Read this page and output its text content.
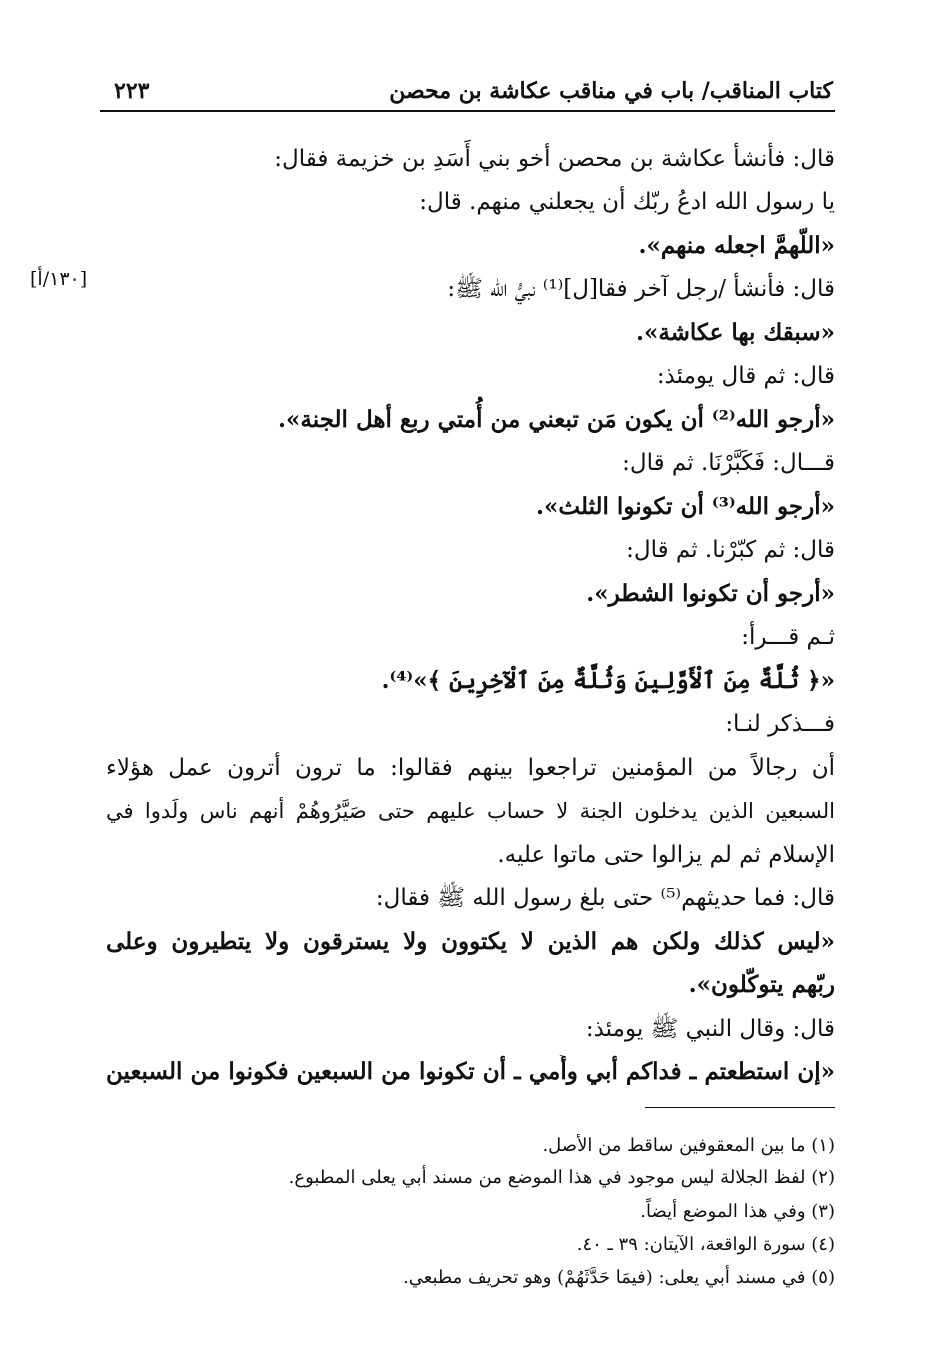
كتاب المناقب/ باب في مناقب عكاشة بن محصن
٢٢٣
[١٣٠/أ]
قال: فأنشأ عكاشة بن محصن أخو بني أَسَدِ بن خزيمة فقال:
يا رسول الله ادعُ ربّك أن يجعلني منهم. قال:
«اللّهمَّ اجعله منهم».
قال: فأنشأ /رجل آخر فقا[ل]⁽¹⁾ نبيُّ الله ﷺ:
«سبقك بها عكاشة».
قال: ثم قال يومئذ:
«أرجو الله⁽²⁾ أن يكون مَن تبعني من أُمتي ربع أهل الجنة».
قـــال: فَكَبَّرْنَا. ثم قال:
«أرجو الله⁽³⁾ أن تكونوا الثلث».
قال: ثم كبّرْنا. ثم قال:
«أرجو أن تكونوا الشطر».
ثـم قـــرأ:
«﴿ ثُلَّةٌ مِنَ ٱلْأَوَّلِينَ وَثُلَّةٌ مِنَ ٱلْآخِرِينَ ﴾»⁽⁴⁾.
فـــذكر لنـا:
أن رجالاً من المؤمنين تراجعوا بينهم فقالوا: ما ترون أترون عمل هؤلاء
السبعين الذين يدخلون الجنة لا حساب عليهم حتى صَيَّرُوهُمْ أنهم ناس ولَدوا في
الإسلام ثم لم يزالوا حتى ماتوا عليه.
قال: فما حديثهم⁽⁵⁾ حتى بلغ رسول الله ﷺ فقال:
«ليس كذلك ولكن هم الذين لا يكتوون ولا يسترقون ولا يتطيرون وعلى
ربّهم يتوكّلون».
قال: وقال النبي ﷺ يومئذ:
«إن استطعتم ـ فداكم أبي وأُمي ـ أن تكونوا من السبعين فكونوا من السبعين
(١) ما بين المعقوفين ساقط من الأصل.
(٢) لفظ الجلالة ليس موجود في هذا الموضع من مسند أبي يعلى المطبوع.
(٣) وفي هذا الموضع أيضاً.
(٤) سورة الواقعة، الآيتان: ٣٩ ـ ٤٠.
(٥) في مسند أبي يعلى: (فيمَا حَدَّثَهُمْ) وهو تحريف مطبعي.
